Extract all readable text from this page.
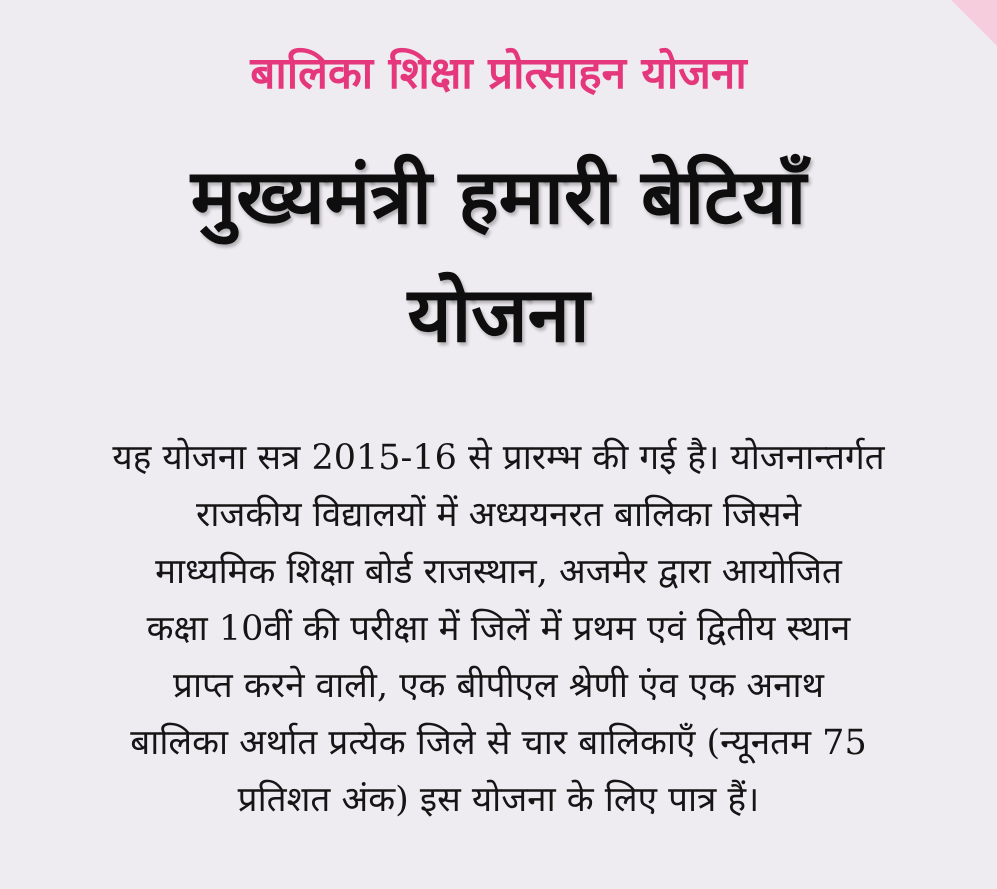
बालिका शिक्षा प्रोत्साहन योजना
मुख्यमंत्री हमारी बेटियाँ
योजना
यह योजना सत्र 2015-16 से प्रारम्भ की गई है। योजनान्तर्गत
राजकीय विद्यालयों में अध्ययनरत बालिका जिसने
माध्यमिक शिक्षा बोर्ड राजस्थान, अजमेर द्वारा आयोजित
कक्षा 10वीं की परीक्षा में जिलें में प्रथम एवं द्वितीय स्थान
प्राप्त करने वाली, एक बीपीएल श्रेणी एंव एक अनाथ
बालिका अर्थात प्रत्येक जिले से चार बालिकाएँ (न्यूनतम 75
प्रतिशत अंक) इस योजना के लिए पात्र हैं।
